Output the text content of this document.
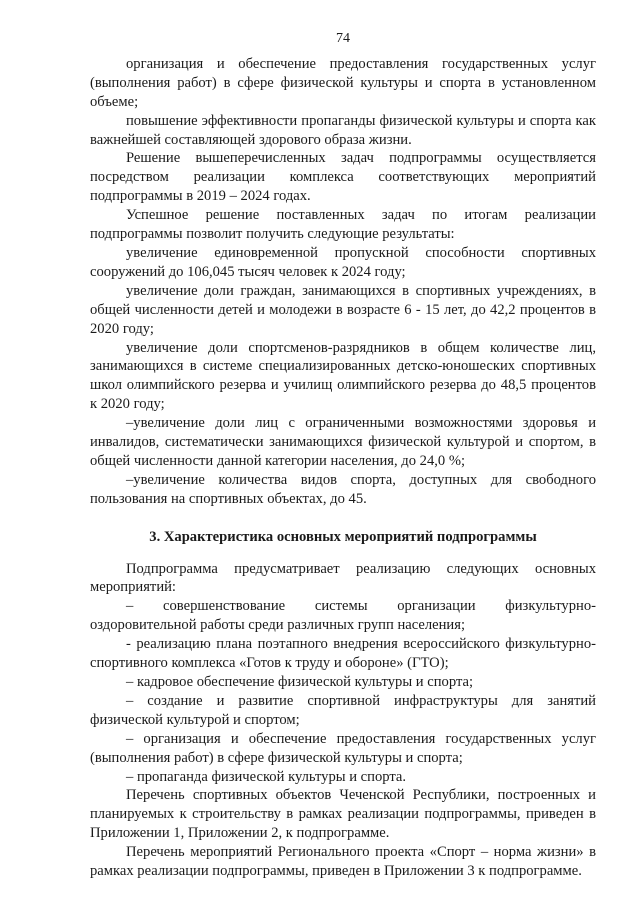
74

организация и обеспечение предоставления государственных услуг (выполнения работ) в сфере физической культуры и спорта в установленном объеме;

повышение эффективности пропаганды физической культуры и спорта как важнейшей составляющей здорового образа жизни.

Решение вышеперечисленных задач подпрограммы осуществляется посредством реализации комплекса соответствующих мероприятий подпрограммы в 2019 – 2024 годах.

Успешное решение поставленных задач по итогам реализации подпрограммы позволит получить следующие результаты:

увеличение единовременной пропускной способности спортивных сооружений до 106,045 тысяч человек к 2024 году;

увеличение доли граждан, занимающихся в спортивных учреждениях, в общей численности детей и молодежи в возрасте 6 - 15 лет, до 42,2 процентов в 2020 году;

увеличение доли спортсменов-разрядников в общем количестве лиц, занимающихся в системе специализированных детско-юношеских спортивных школ олимпийского резерва и училищ олимпийского резерва до 48,5 процентов к 2020 году;

–увеличение доли лиц с ограниченными возможностями здоровья и инвалидов, систематически занимающихся физической культурой и спортом, в общей численности данной категории населения, до 24,0 %;

–увеличение количества видов спорта, доступных для свободного пользования на спортивных объектах, до 45.

3. Характеристика основных мероприятий подпрограммы

Подпрограмма предусматривает реализацию следующих основных мероприятий:

– совершенствование системы организации физкультурно-оздоровительной работы среди различных групп населения;

- реализацию плана поэтапного внедрения всероссийского физкультурно-спортивного комплекса «Готов к труду и обороне» (ГТО);

– кадровое обеспечение физической культуры и спорта;

– создание и развитие спортивной инфраструктуры для занятий физической культурой и спортом;

– организация и обеспечение предоставления государственных услуг (выполнения работ) в сфере физической культуры и спорта;

– пропаганда физической культуры и спорта.

Перечень спортивных объектов Чеченской Республики, построенных и планируемых к строительству в рамках реализации подпрограммы, приведен в Приложении 1, Приложении 2, к подпрограмме.

Перечень мероприятий Регионального проекта «Спорт – норма жизни» в рамках реализации подпрограммы, приведен в Приложении 3 к подпрограмме.
